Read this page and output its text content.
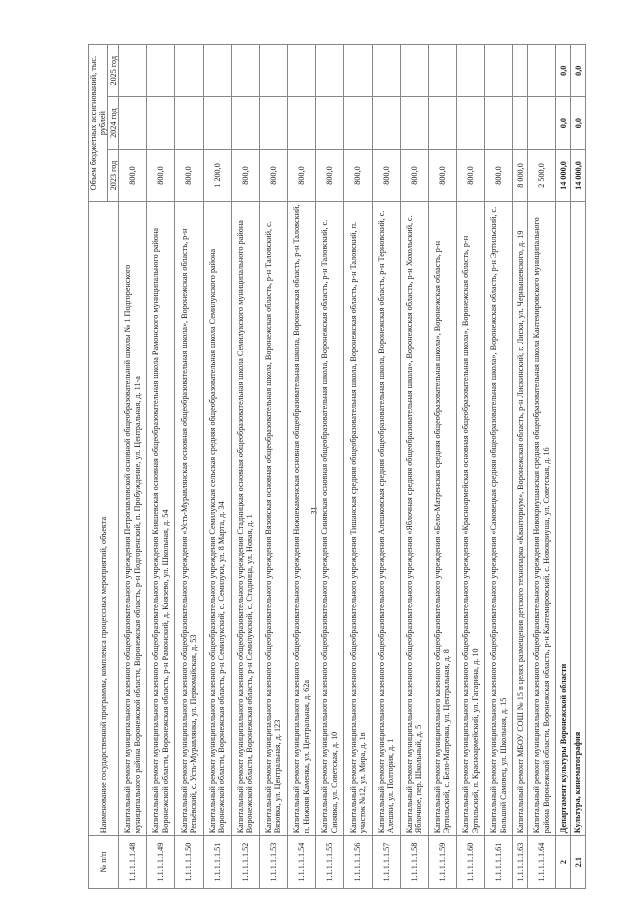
31
№ п/п	Наименование государственной программы, комплекса процессных мероприятий, объекта	Объем бюджетных ассигнований, тыс. рублей		
		2023 год	2024 год	2025 год
1.1.1.1.1.48	Капитальный ремонт муниципального казенного общеобразовательного учреждения Петропавловской основной общеобразовательной школы № 1 Подгоренского муниципального района Воронежской области, Воронежская область, р-н Подгоренский, п. Пробуждение, ул. Центральная, д. 11-а	800,0		
1.1.1.1.1.49	Капитальный ремонт муниципального казенного общеобразовательного учреждения Кияшевская основная общеобразовательная школа Рамонского муниципального района Воронежской области, Воронежская область, р-н Рамонский, д. Князево, ул. Школьная, д. 54	800,0		
1.1.1.1.1.50	Капитальный ремонт муниципального казенного общеобразовательного учреждения «Усть-Муравлянская основная общеобразовательная школа», Воронежская область, р-н Репьёвский, с. Усть-Муравлянка, ул. Первомайская, д. 53	800,0		
1.1.1.1.1.51	Капитальный ремонт муниципального казенного общеобразовательного учреждения Семилукская сельская средняя общеобразовательная школа Семилукского района Воронежской области, Воронежская область, р-н Семилукский, с. Семилуки, ул. 8 Марта, д. 34	1 200,0		
1.1.1.1.1.52	Капитальный ремонт муниципального казенного общеобразовательного учреждения Стадницкая основная общеобразовательная школа Семилукского муниципального района Воронежской области, Воронежская область, р-н Семилукский, с. Стадница, ул. Новая, д. 1	800,0		
1.1.1.1.1.53	Капитальный ремонт муниципального казенного общеобразовательного учреждения Вязовская основная общеобразовательная школа, Воронежская область, р-н Таловский, с. Вязовка, ул. Центральная, д. 123	800,0		
1.1.1.1.1.54	Капитальный ремонт муниципального казенного общеобразовательного учреждения Нижнекаменская основная общеобразовательная школа, Воронежская область, р-н Таловский, п. Нижняя Каменка, ул. Центральная, д. 62а	800,0		
1.1.1.1.1.55	Капитальный ремонт муниципального казенного общеобразовательного учреждения Синявская основная общеобразовательная школа, Воронежская область, р-н Таловский, с. Синявка, ул. Советская, д. 10	800,0		
1.1.1.1.1.56	Капитальный ремонт муниципального казенного общеобразовательного учреждения Тишанская средняя общеобразовательная школа, Воронежская область, р-н Таловский, п. участок №12, ул. Мира, д. 1в	800,0		
1.1.1.1.1.57	Капитальный ремонт муниципального казенного общеобразовательного учреждения Алешковская средняя общеобразовательная школа, Воронежская область, р-н Терновский, с. Алешки, ул. Полтория, д. 1	800,0		
1.1.1.1.1.58	Капитальный ремонт муниципального казенного общеобразовательного учреждения «Яблочная средняя общеобразовательная школа», Воронежская область, р-н Хохольский, с. Яблочное, пер. Школьный, д. 5	800,0		
1.1.1.1.1.59	Капитальный ремонт муниципального казенного общеобразовательного учреждения «Бело-Матренская средняя общеобразовательная школа», Воронежская область, р-н Эртильский, с. Бело-Матренка, ул. Центральная, д. 8	800,0		
1.1.1.1.1.60	Капитальный ремонт муниципального казенного общеобразовательного учреждения «Красноармейская основная общеобразовательная школа», Воронежская область, р-н Эртильский, п. Красноармейский, ул. Гагарина, д. 10	800,0		
1.1.1.1.1.61	Капитальный ремонт муниципального казенного общеобразовательного учреждения «Самовецкая средняя общеобразовательная школа», Воронежская область, р-н Эртильский, с. Большой Самовец, ул. Школьная, д. 15	800,0		
1.1.1.1.1.63	Капитальный ремонт МБОУ СОШ № 15 в целях размещения детского технопарка «Кванториум», Воронежская область, р-н Лискинский, г. Лиски, ул. Чернышевского, д. 19	8 000,0		
1.1.1.1.1.64	Капитальный ремонт муниципального казенного общеобразовательного учреждения Новокриушанская средняя общеобразовательная школа Кантемировского муниципального района Воронежской области, Воронежская область, р-н Кантемировский, с. Новокриуша, ул. Советская, д. 16	2 500,0		
2	Департамент культуры Воронежской области	14 000,0	0,0	0,0
2.1	Культура, кинематография	14 000,0	0,0	0,0
